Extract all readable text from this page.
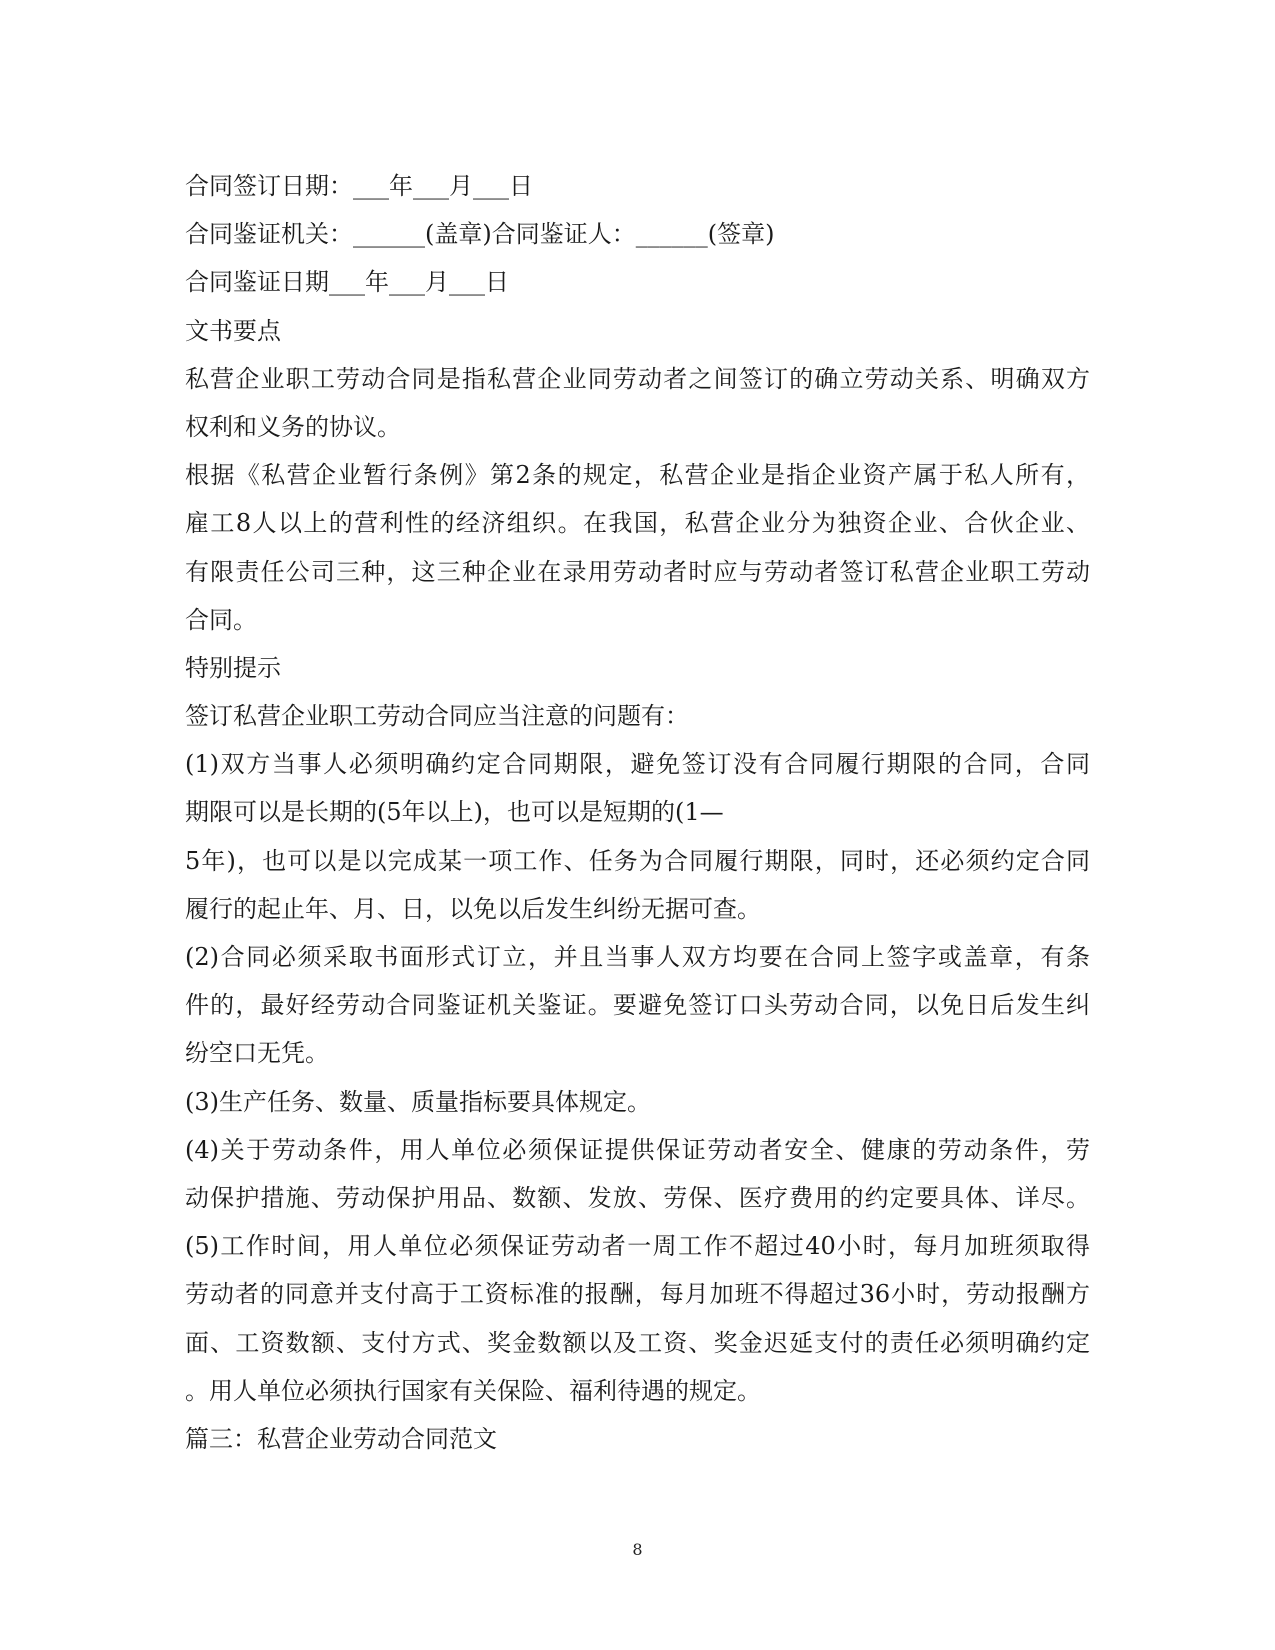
合同签订日期：___年___月___日
合同鉴证机关：______(盖章)合同鉴证人：______(签章)
合同鉴证日期___年___月___日
文书要点
私营企业职工劳动合同是指私营企业同劳动者之间签订的确立劳动关系、明确双方
权利和义务的协议。
根据《私营企业暂行条例》第2条的规定，私营企业是指企业资产属于私人所有，
雇工8人以上的营利性的经济组织。在我国，私营企业分为独资企业、合伙企业、
有限责任公司三种，这三种企业在录用劳动者时应与劳动者签订私营企业职工劳动
合同。
特别提示
签订私营企业职工劳动合同应当注意的问题有：
(1)双方当事人必须明确约定合同期限，避免签订没有合同履行期限的合同，合同
期限可以是长期的(5年以上)，也可以是短期的(1—
5年)，也可以是以完成某一项工作、任务为合同履行期限，同时，还必须约定合同
履行的起止年、月、日，以免以后发生纠纷无据可查。
(2)合同必须采取书面形式订立，并且当事人双方均要在合同上签字或盖章，有条
件的，最好经劳动合同鉴证机关鉴证。要避免签订口头劳动合同，以免日后发生纠
纷空口无凭。
(3)生产任务、数量、质量指标要具体规定。
(4)关于劳动条件，用人单位必须保证提供保证劳动者安全、健康的劳动条件，劳
动保护措施、劳动保护用品、数额、发放、劳保、医疗费用的约定要具体、详尽。
(5)工作时间，用人单位必须保证劳动者一周工作不超过40小时，每月加班须取得
劳动者的同意并支付高于工资标准的报酬，每月加班不得超过36小时，劳动报酬方
面、工资数额、支付方式、奖金数额以及工资、奖金迟延支付的责任必须明确约定
。用人单位必须执行国家有关保险、福利待遇的规定。
篇三：私营企业劳动合同范文
8
